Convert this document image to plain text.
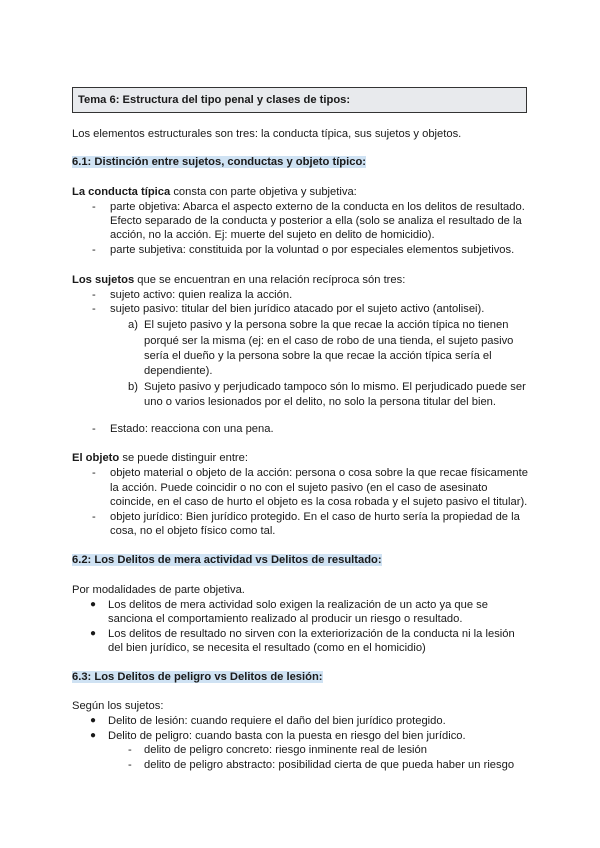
Tema 6: Estructura del tipo penal y clases de tipos:
Los elementos estructurales son tres: la conducta típica, sus sujetos y objetos.
6.1: Distinción entre sujetos, conductas y objeto típico:
La conducta típica consta con parte objetiva y subjetiva:
- parte objetiva: Abarca el aspecto externo de la conducta en los delitos de resultado.
Efecto separado de la conducta y posterior a ella (solo se analiza el resultado de la
acción, no la acción. Ej: muerte del sujeto en delito de homicidio).
- parte subjetiva: constituida por la voluntad o por especiales elementos subjetivos.
Los sujetos que se encuentran en una relación recíproca són tres:
- sujeto activo: quien realiza la acción.
- sujeto pasivo: titular del bien jurídico atacado por el sujeto activo (antolisei).
a) El sujeto pasivo y la persona sobre la que recae la acción típica no tienen
porqué ser la misma (ej: en el caso de robo de una tienda, el sujeto pasivo
sería el dueño y la persona sobre la que recae la acción típica sería el
dependiente).
b) Sujeto pasivo y perjudicado tampoco són lo mismo. El perjudicado puede ser
uno o varios lesionados por el delito, no solo la persona titular del bien.
- Estado: reacciona con una pena.
El objeto se puede distinguir entre:
- objeto material o objeto de la acción: persona o cosa sobre la que recae físicamente
la acción. Puede coincidir o no con el sujeto pasivo (en el caso de asesinato
coincide, en el caso de hurto el objeto es la cosa robada y el sujeto pasivo el titular).
- objeto jurídico: Bien jurídico protegido. En el caso de hurto sería la propiedad de la
cosa, no el objeto físico como tal.
6.2: Los Delitos de mera actividad vs Delitos de resultado:
Por modalidades de parte objetiva.
● Los delitos de mera actividad solo exigen la realización de un acto ya que se
sanciona el comportamiento realizado al producir un riesgo o resultado.
● Los delitos de resultado no sirven con la exteriorización de la conducta ni la lesión
del bien jurídico, se necesita el resultado (como en el homicidio)
6.3: Los Delitos de peligro vs Delitos de lesión:
Según los sujetos:
● Delito de lesión: cuando requiere el daño del bien jurídico protegido.
● Delito de peligro: cuando basta con la puesta en riesgo del bien jurídico.
- delito de peligro concreto: riesgo inminente real de lesión
- delito de peligro abstracto: posibilidad cierta de que pueda haber un riesgo
